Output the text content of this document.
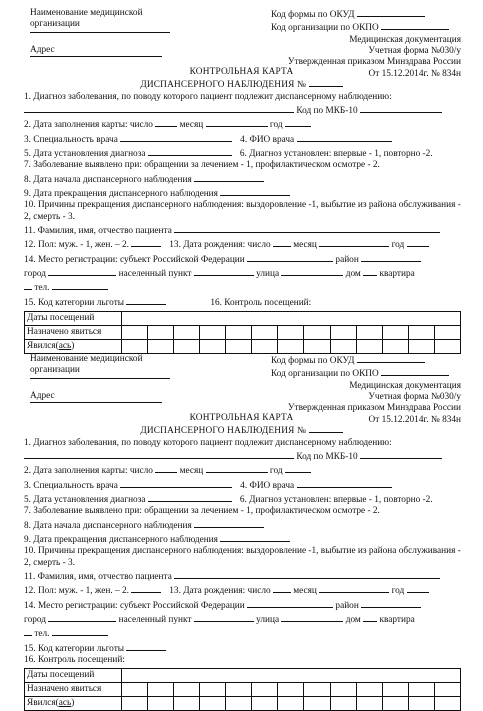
Наименование медицинской организации
Адрес
Код формы по ОКУД
Код организации по ОКПО
Медицинская документация
Учетная форма №030/у
Утвержденная приказом Минздрава России
От 15.12.2014г. № 834н
КОНТРОЛЬНАЯ КАРТА
ДИСПАНСЕРНОГО НАБЛЮДЕНИЯ №
1. Диагноз заболевания, по поводу которого пациент подлежит диспансерному наблюдению:
Код по МКБ-10
2. Дата заполнения карты: число	месяц	год
3. Специальность врача	4. ФИО врача
5. Дата установления диагноза	6. Диагноз установлен: впервые - 1, повторно -2.
7. Заболевание выявлено при: обращении за лечением - 1, профилактическом осмотре - 2.
8. Дата начала диспансерного наблюдения
9. Дата прекращения диспансерного наблюдения
10. Причины прекращения диспансерного наблюдения: выздоровление -1, выбытие из района обслуживания - 2, смерть - 3.
11. Фамилия, имя, отчество пациента
12. Пол: муж. - 1, жен. – 2.	13. Дата рождения: число месяц	год
14. Место регистрации: субъект Российской Федерации	район
город	населенный пункт	улица	дом квартира
тел.
15. Код категории льготы	16. Контроль посещений:
Даты посещений													
Назначено явиться													
Явился(ась)													
Наименование медицинской организации
Адрес
Код формы по ОКУД
Код организации по ОКПО
Медицинская документация
Учетная форма №030/у
Утвержденная приказом Минздрава России
От 15.12.2014г. № 834н
КОНТРОЛЬНАЯ КАРТА
ДИСПАНСЕРНОГО НАБЛЮДЕНИЯ №
1. Диагноз заболевания, по поводу которого пациент подлежит диспансерному наблюдению:
Код по МКБ-10
2. Дата заполнения карты: число	месяц	год
3. Специальность врача	4. ФИО врача
5. Дата установления диагноза	6. Диагноз установлен: впервые - 1, повторно -2.
7. Заболевание выявлено при: обращении за лечением - 1, профилактическом осмотре - 2.
8. Дата начала диспансерного наблюдения
9. Дата прекращения диспансерного наблюдения
10. Причины прекращения диспансерного наблюдения: выздоровление -1, выбытие из района обслуживания - 2, смерть - 3.
11. Фамилия, имя, отчество пациента
12. Пол: муж. - 1, жен. – 2.	13. Дата рождения: число месяц	год
14. Место регистрации: субъект Российской Федерации	район
город	населенный пункт	улица	дом квартира
тел.
15. Код категории льготы
16. Контроль посещений:
Даты посещений													
Назначено явиться													
Явился(ась)													
